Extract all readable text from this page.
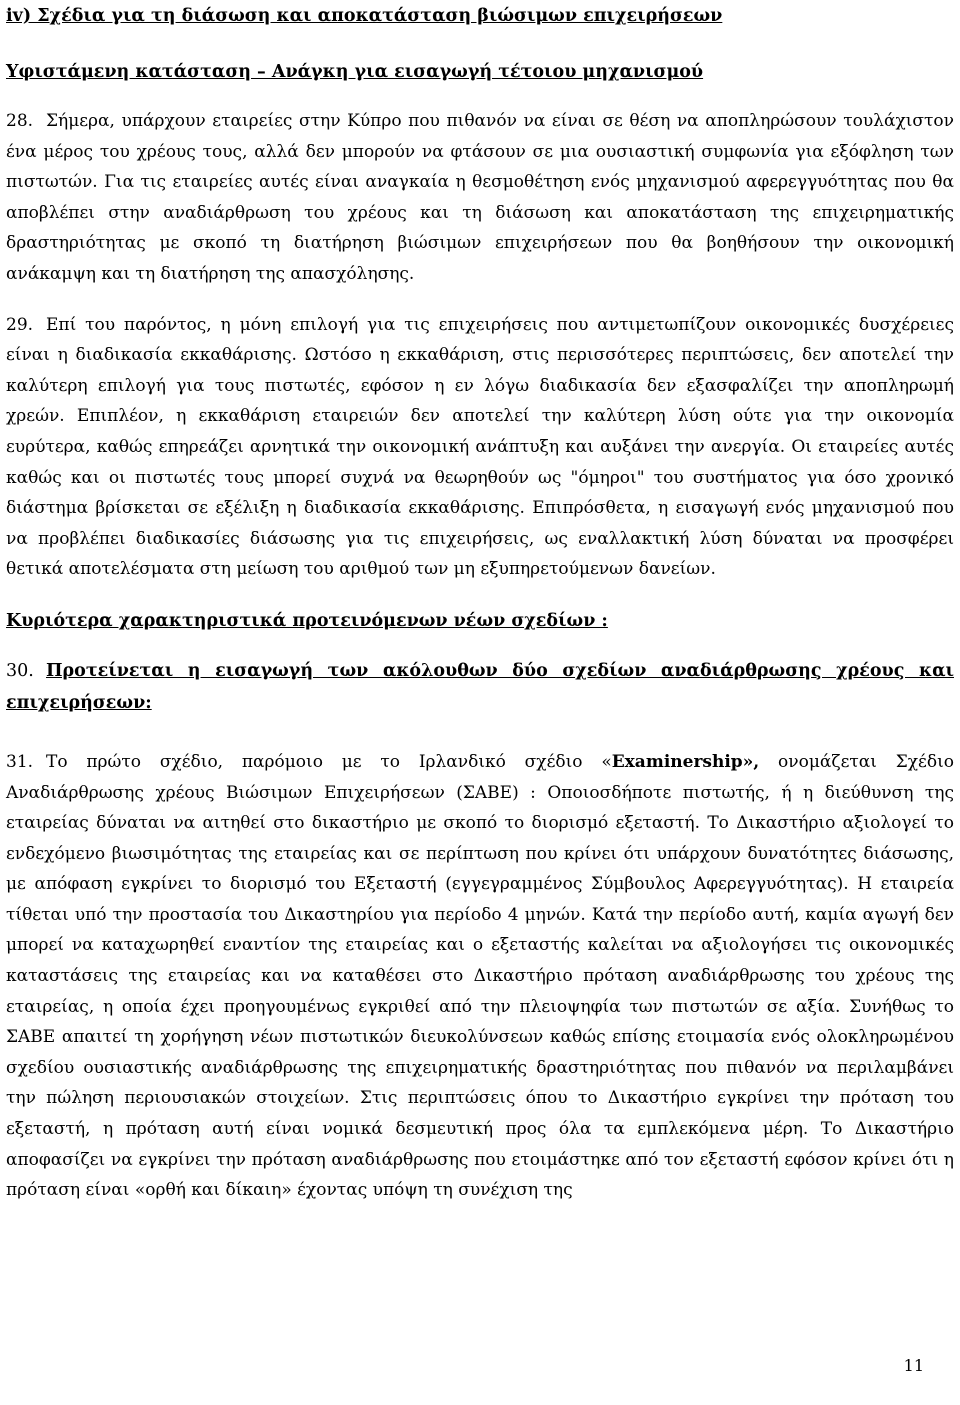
iv) Σχέδια για τη διάσωση και αποκατάσταση βιώσιμων επιχειρήσεων
Υφιστάμενη κατάσταση – Ανάγκη για εισαγωγή τέτοιου μηχανισμού

28. Σήμερα, υπάρχουν εταιρείες στην Κύπρο που πιθανόν να είναι σε θέση να αποπληρώσουν τουλάχιστον ένα μέρος του χρέους τους, αλλά δεν μπορούν να φτάσουν σε μια ουσιαστική συμφωνία για εξόφληση των πιστωτών. Για τις εταιρείες αυτές είναι αναγκαία η θεσμοθέτηση ενός μηχανισμού αφερεγγυότητας που θα αποβλέπει στην αναδιάρθρωση του χρέους και τη διάσωση και αποκατάσταση της επιχειρηματικής δραστηριότητας με σκοπό τη διατήρηση βιώσιμων επιχειρήσεων που θα βοηθήσουν την οικονομική ανάκαμψη και τη διατήρηση της απασχόλησης.

29. Επί του παρόντος, η μόνη επιλογή για τις επιχειρήσεις που αντιμετωπίζουν οικονομικές δυσχέρειες είναι η διαδικασία εκκαθάρισης. Ωστόσο η εκκαθάριση, στις περισσότερες περιπτώσεις, δεν αποτελεί την καλύτερη επιλογή για τους πιστωτές, εφόσον η εν λόγω διαδικασία δεν εξασφαλίζει την αποπληρωμή χρεών. Επιπλέον, η εκκαθάριση εταιρειών δεν αποτελεί την καλύτερη λύση ούτε για την οικονομία ευρύτερα, καθώς επηρεάζει αρνητικά την οικονομική ανάπτυξη και αυξάνει την ανεργία. Οι εταιρείες αυτές καθώς και οι πιστωτές τους μπορεί συχνά να θεωρηθούν ως "όμηροι" του συστήματος για όσο χρονικό διάστημα βρίσκεται σε εξέλιξη η διαδικασία εκκαθάρισης. Επιπρόσθετα, η εισαγωγή ενός μηχανισμού που να προβλέπει διαδικασίες διάσωσης για τις επιχειρήσεις, ως εναλλακτική λύση δύναται να προσφέρει θετικά αποτελέσματα στη μείωση του αριθμού των μη εξυπηρετούμενων δανείων.

Κυριότερα χαρακτηριστικά προτεινόμενων νέων σχεδίων :

30. Προτείνεται η εισαγωγή των ακόλουθων δύο σχεδίων αναδιάρθρωσης χρέους και επιχειρήσεων:

31. Το πρώτο σχέδιο, παρόμοιο με το Ιρλανδικό σχέδιο «Examinership», ονομάζεται Σχέδιο Αναδιάρθρωσης χρέους Βιώσιμων Επιχειρήσεων (ΣΑΒΕ) : Οποιοσδήποτε πιστωτής, ή η διεύθυνση της εταιρείας δύναται να αιτηθεί στο δικαστήριο με σκοπό το διορισμό εξεταστή. Το Δικαστήριο αξιολογεί το ενδεχόμενο βιωσιμότητας της εταιρείας και σε περίπτωση που κρίνει ότι υπάρχουν δυνατότητες διάσωσης, με απόφαση εγκρίνει το διορισμό του Εξεταστή (εγγεγραμμένος Σύμβουλος Αφερεγγυότητας). Η εταιρεία τίθεται υπό την προστασία του Δικαστηρίου για περίοδο 4 μηνών. Κατά την περίοδο αυτή, καμία αγωγή δεν μπορεί να καταχωρηθεί εναντίον της εταιρείας και ο εξεταστής καλείται να αξιολογήσει τις οικονομικές καταστάσεις της εταιρείας και να καταθέσει στο Δικαστήριο πρόταση αναδιάρθρωσης του χρέους της εταιρείας, η οποία έχει προηγουμένως εγκριθεί από την πλειοψηφία των πιστωτών σε αξία. Συνήθως το ΣΑΒΕ απαιτεί τη χορήγηση νέων πιστωτικών διευκολύνσεων καθώς επίσης ετοιμασία ενός ολοκληρωμένου σχεδίου ουσιαστικής αναδιάρθρωσης της επιχειρηματικής δραστηριότητας που πιθανόν να περιλαμβάνει την πώληση περιουσιακών στοιχείων. Στις περιπτώσεις όπου το Δικαστήριο εγκρίνει την πρόταση του εξεταστή, η πρόταση αυτή είναι νομικά δεσμευτική προς όλα τα εμπλεκόμενα μέρη. Το Δικαστήριο αποφασίζει να εγκρίνει την πρόταση αναδιάρθρωσης που ετοιμάστηκε από τον εξεταστή εφόσον κρίνει ότι η πρόταση είναι «ορθή και δίκαιη» έχοντας υπόψη τη συνέχιση της

11
